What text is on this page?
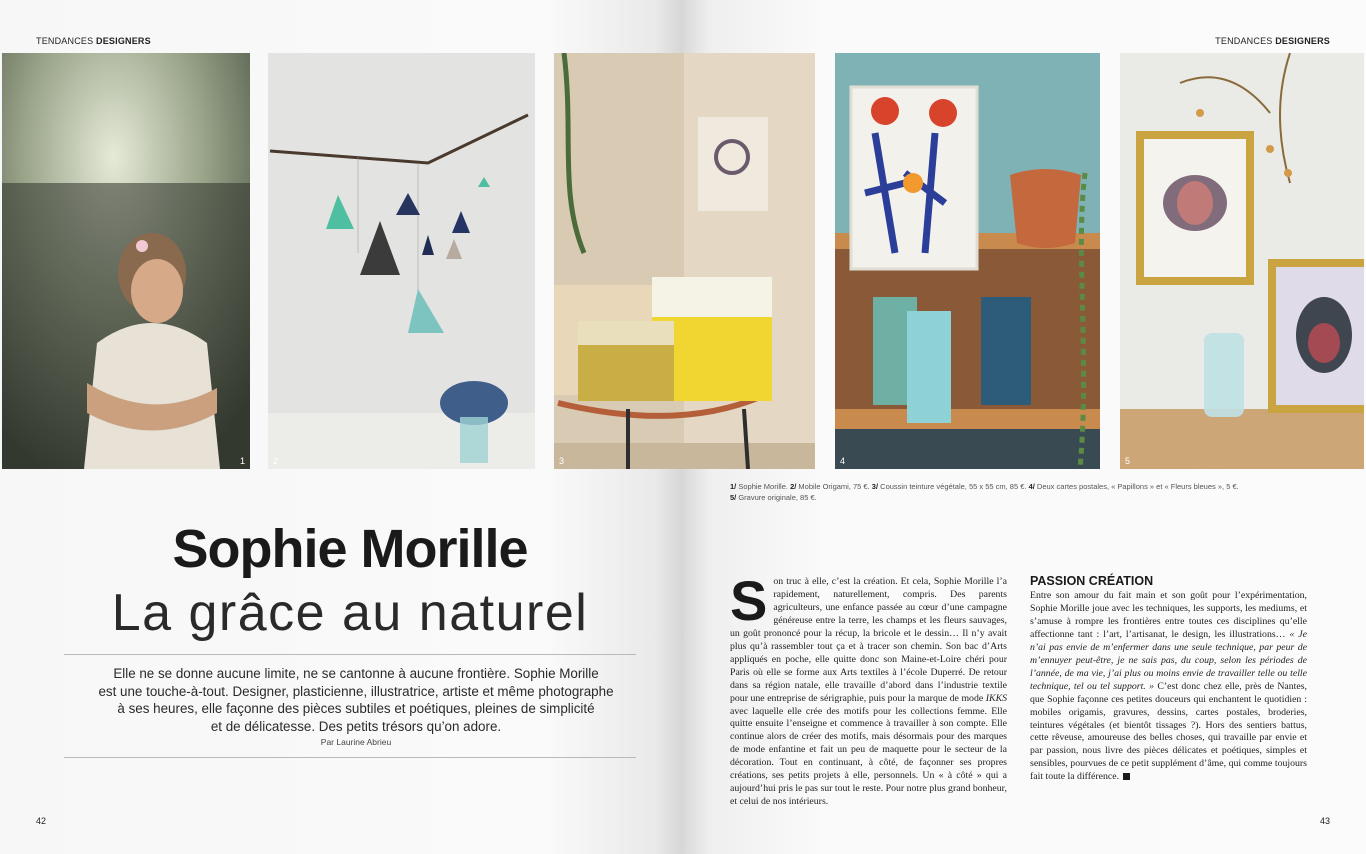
TENDANCES DESIGNERS	TENDANCES DESIGNERS
1	2	3	4	5
1/ Sophie Morille. 2/ Mobile Origami, 75 €. 3/ Coussin teinture végétale, 55 x 55 cm, 85 €. 4/ Deux cartes postales, « Papillons » et « Fleurs bleues », 5 €.
5/ Gravure originale, 85 €.
Sophie Morille
La grâce au naturel
Elle ne se donne aucune limite, ne se cantonne à aucune frontière. Sophie Morille
est une touche-à-tout. Designer, plasticienne, illustratrice, artiste et même photographe
à ses heures, elle façonne des pièces subtiles et poétiques, pleines de simplicité
et de délicatesse. Des petits trésors qu’on adore.
Par Laurine Abrieu
Son truc à elle, c’est la création. Et cela, Sophie Morille l’a rapidement, naturellement, compris. Des parents agriculteurs, une enfance passée au cœur d’une campagne généreuse entre la terre, les champs et les fleurs sauvages, un goût prononcé pour la récup, la bricole et le dessin… Il n’y avait plus qu’à rassembler tout ça et à tracer son chemin. Son bac d’Arts appliqués en poche, elle quitte donc son Maine-et-Loire chéri pour Paris où elle se forme aux Arts textiles à l’école Duperré. De retour dans sa région natale, elle travaille d’abord dans l’industrie textile pour une entreprise de sérigraphie, puis pour la marque de mode IKKS avec laquelle elle crée des motifs pour les collections femme. Elle quitte ensuite l’enseigne et commence à travailler à son compte. Elle continue alors de créer des motifs, mais désormais pour des marques de mode enfantine et fait un peu de maquette pour le secteur de la décoration. Tout en continuant, à côté, de façonner ses propres créations, ses petits projets à elle, personnels. Un « à côté » qui a aujourd’hui pris le pas sur tout le reste. Pour notre plus grand bonheur, et celui de nos intérieurs.
PASSION CRÉATION

Entre son amour du fait main et son goût pour l’expérimentation, Sophie Morille joue avec les techniques, les supports, les mediums, et s’amuse à rompre les frontières entre toutes ces disciplines qu’elle affectionne tant : l’art, l’artisanat, le design, les illustrations… « Je n’ai pas envie de m’enfermer dans une seule technique, par peur de m’ennuyer peut-être, je ne sais pas, du coup, selon les périodes de l’année, de ma vie, j’ai plus ou moins envie de travailler telle ou telle technique, tel ou tel support. » C’est donc chez elle, près de Nantes, que Sophie façonne ces petites douceurs qui enchantent le quotidien : mobiles origamis, gravures, dessins, cartes postales, broderies, teintures végétales (et bientôt tissages ?). Hors des sentiers battus, cette rêveuse, amoureuse des belles choses, qui travaille par envie et par passion, nous livre des pièces délicates et poétiques, simples et sensibles, pourvues de ce petit supplément d’âme, qui comme toujours fait toute la différence.

42	43
